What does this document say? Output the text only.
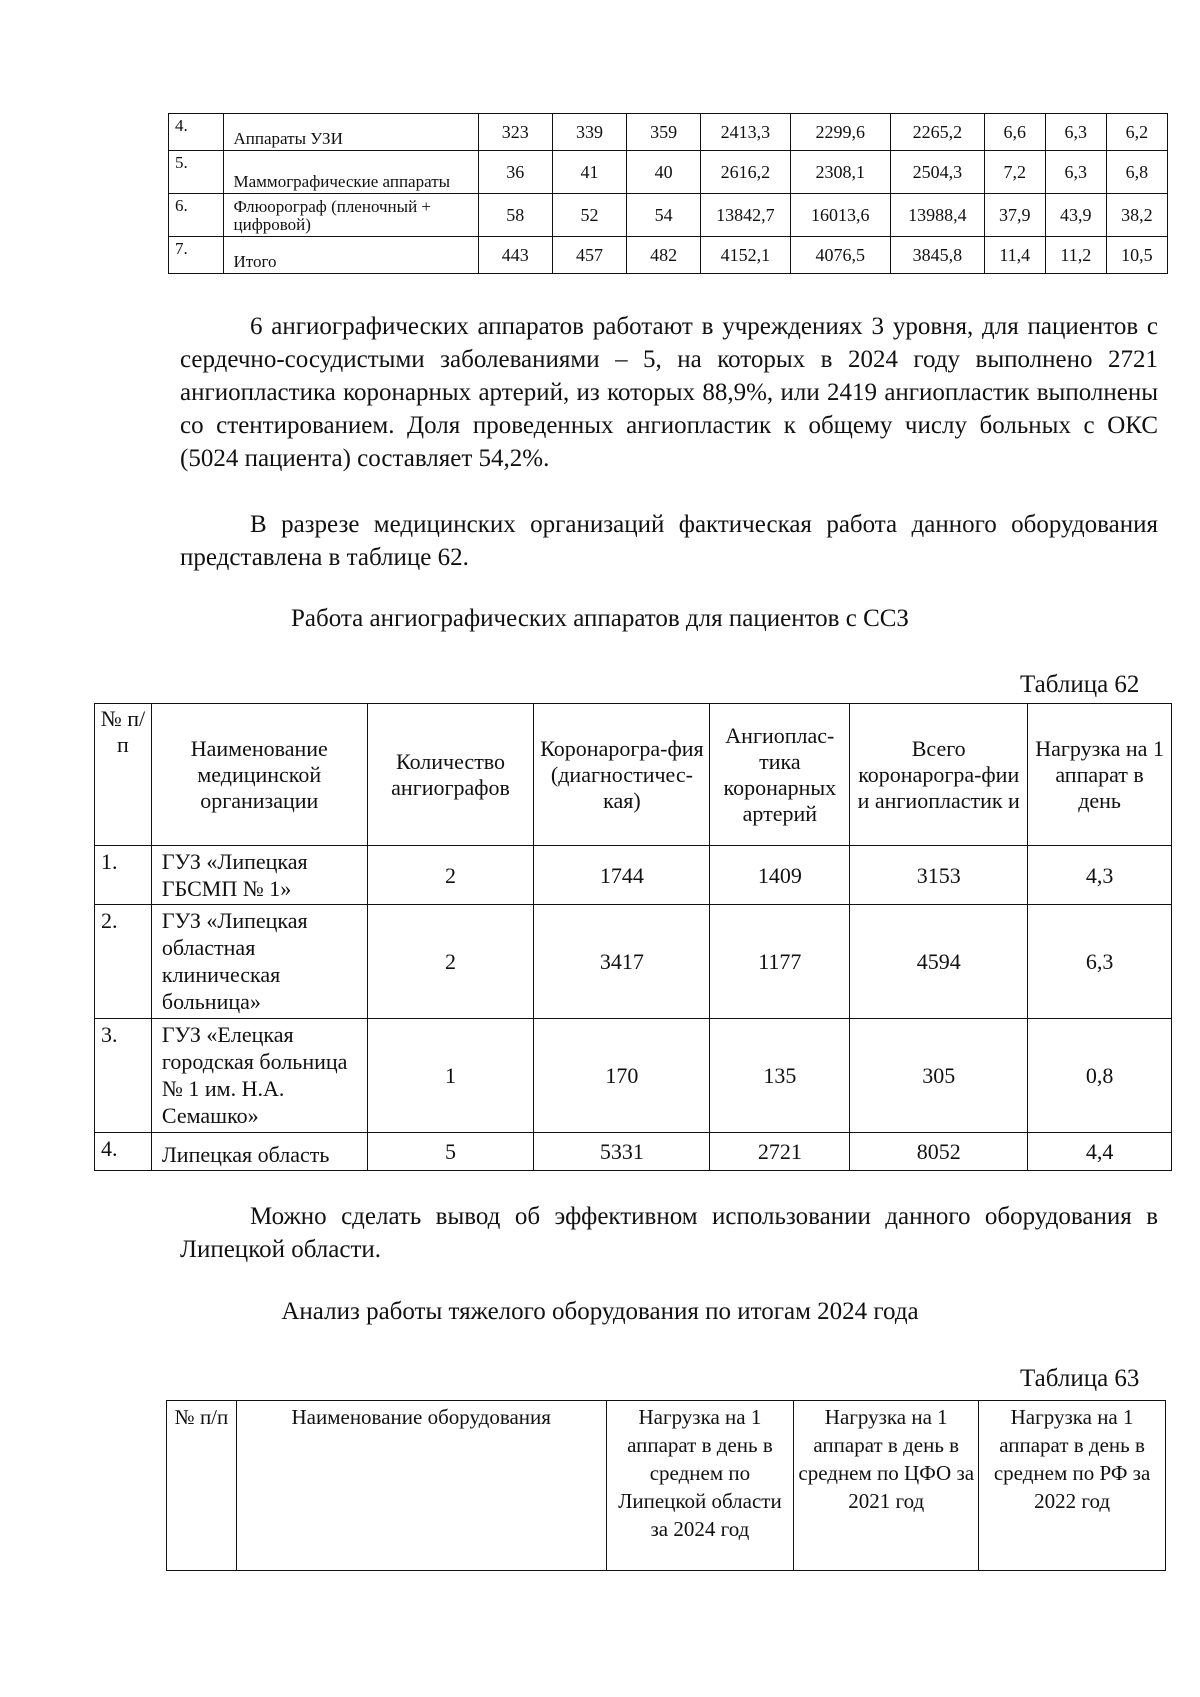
4.	Аппараты УЗИ	323	339	359	2413,3	2299,6	2265,2	6,6	6,3	6,2
5.	Маммографические аппараты	36	41	40	2616,2	2308,1	2504,3	7,2	6,3	6,8
6.	Флюорограф (пленочный + цифровой)	58	52	54	13842,7	16013,6	13988,4	37,9	43,9	38,2
7.	Итого	443	457	482	4152,1	4076,5	3845,8	11,4	11,2	10,5

6 ангиографических аппаратов работают в учреждениях 3 уровня, для пациентов с сердечно-сосудистыми заболеваниями – 5, на которых в 2024 году выполнено 2721 ангиопластика коронарных артерий, из которых 88,9%, или 2419 ангиопластик выполнены со стентированием. Доля проведенных ангиопластик к общему числу больных с ОКС (5024 пациента) составляет 54,2%.

В разрезе медицинских организаций фактическая работа данного оборудования представлена в таблице 62.

Работа ангиографических аппаратов для пациентов с ССЗ

Таблица 62

№ п/п	Наименование медицинской организации	Количество ангиографов	Коронарогра-фия (диагностичес-кая)	Ангиоплас-тика коронарных артерий	Всего коронарогра-фии и ангиопластик и	Нагрузка на 1 аппарат в день
1.	ГУЗ «Липецкая ГБСМП № 1»	2	1744	1409	3153	4,3
2.	ГУЗ «Липецкая областная клиническая больница»	2	3417	1177	4594	6,3
3.	ГУЗ «Елецкая городская больница № 1 им. Н.А. Семашко»	1	170	135	305	0,8
4.	Липецкая область	5	5331	2721	8052	4,4

Можно сделать вывод об эффективном использовании данного оборудования в Липецкой области.

Анализ работы тяжелого оборудования по итогам 2024 года

Таблица 63

№ п/п	Наименование оборудования	Нагрузка на 1 аппарат в день в среднем по Липецкой области за 2024 год	Нагрузка на 1 аппарат в день в среднем по ЦФО за 2021 год	Нагрузка на 1 аппарат в день в среднем по РФ за 2022 год
